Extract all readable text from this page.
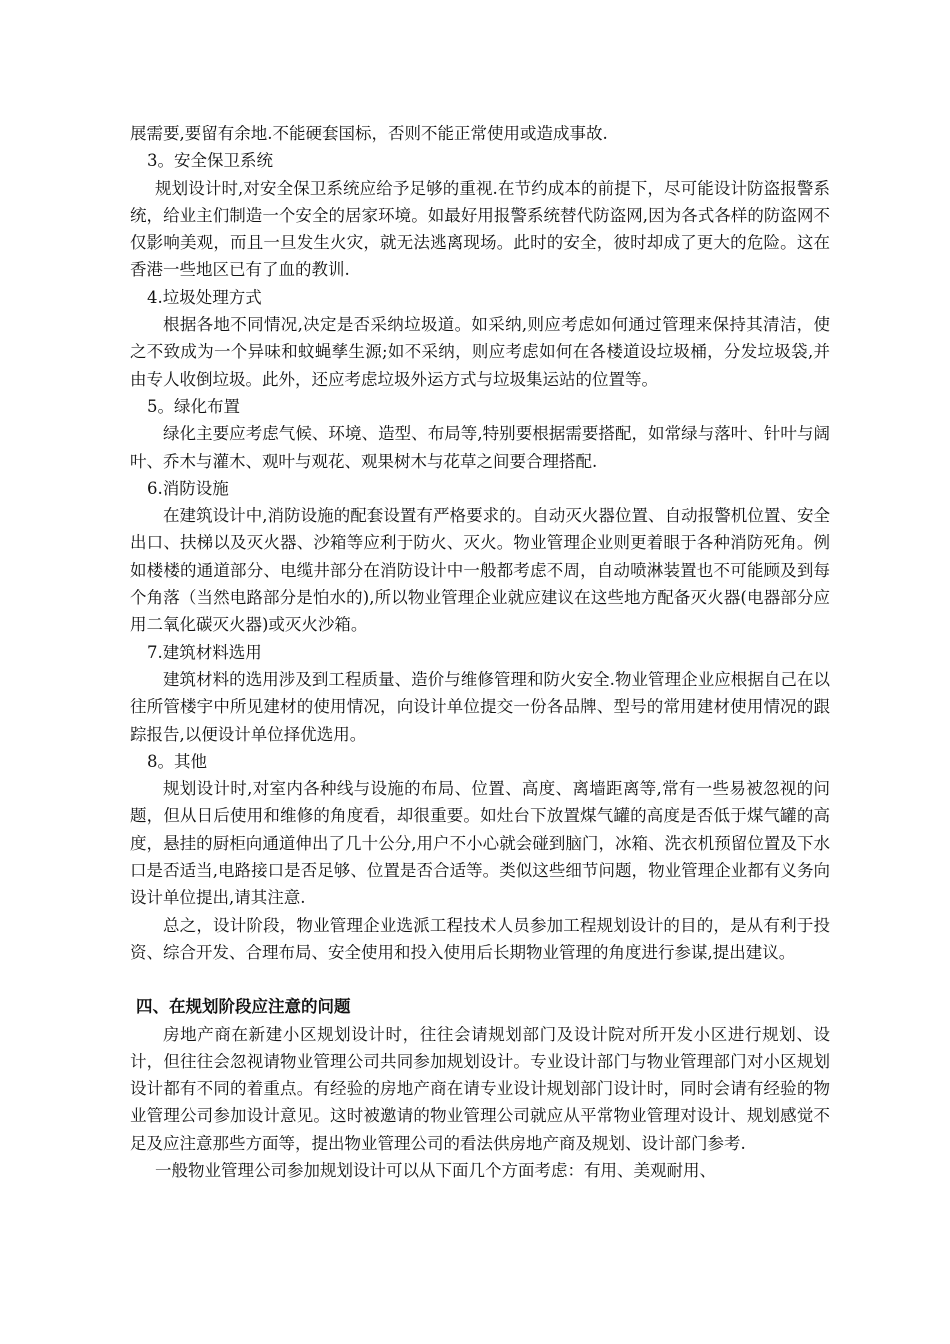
展需要,要留有余地.不能硬套国标，否则不能正常使用或造成事故.

3。安全保卫系统

规划设计时,对安全保卫系统应给予足够的重视.在节约成本的前提下，尽可能设计防盗报警系统，给业主们制造一个安全的居家环境。如最好用报警系统替代防盗网,因为各式各样的防盗网不仅影响美观，而且一旦发生火灾，就无法逃离现场。此时的安全，彼时却成了更大的危险。这在香港一些地区已有了血的教训.

4.垃圾处理方式

根据各地不同情况,决定是否采纳垃圾道。如采纳,则应考虑如何通过管理来保持其清洁，使之不致成为一个异味和蚊蝇孳生源;如不采纳，则应考虑如何在各楼道设垃圾桶，分发垃圾袋,并由专人收倒垃圾。此外，还应考虑垃圾外运方式与垃圾集运站的位置等。

5。绿化布置

绿化主要应考虑气候、环境、造型、布局等,特别要根据需要搭配，如常绿与落叶、针叶与阔叶、乔木与灌木、观叶与观花、观果树木与花草之间要合理搭配.

6.消防设施

在建筑设计中,消防设施的配套设置有严格要求的。自动灭火器位置、自动报警机位置、安全出口、扶梯以及灭火器、沙箱等应利于防火、灭火。物业管理企业则更着眼于各种消防死角。例如楼楼的通道部分、电缆井部分在消防设计中一般都考虑不周，自动喷淋装置也不可能顾及到每个角落（当然电路部分是怕水的),所以物业管理企业就应建议在这些地方配备灭火器(电器部分应用二氧化碳灭火器)或灭火沙箱。

7.建筑材料选用

建筑材料的选用涉及到工程质量、造价与维修管理和防火安全.物业管理企业应根据自己在以往所管楼宇中所见建材的使用情况，向设计单位提交一份各品牌、型号的常用建材使用情况的跟踪报告,以便设计单位择优选用。

8。其他

规划设计时,对室内各种线与设施的布局、位置、高度、离墙距离等,常有一些易被忽视的问题，但从日后使用和维修的角度看，却很重要。如灶台下放置煤气罐的高度是否低于煤气罐的高度，悬挂的厨柜向通道伸出了几十公分,用户不小心就会碰到脑门，冰箱、洗衣机预留位置及下水口是否适当,电路接口是否足够、位置是否合适等。类似这些细节问题，物业管理企业都有义务向设计单位提出,请其注意.

总之，设计阶段，物业管理企业选派工程技术人员参加工程规划设计的目的，是从有利于投资、综合开发、合理布局、安全使用和投入使用后长期物业管理的角度进行参谋,提出建议。

四、在规划阶段应注意的问题

房地产商在新建小区规划设计时，往往会请规划部门及设计院对所开发小区进行规划、设计，但往往会忽视请物业管理公司共同参加规划设计。专业设计部门与物业管理部门对小区规划设计都有不同的着重点。有经验的房地产商在请专业设计规划部门设计时，同时会请有经验的物业管理公司参加设计意见。这时被邀请的物业管理公司就应从平常物业管理对设计、规划感觉不足及应注意那些方面等，提出物业管理公司的看法供房地产商及规划、设计部门参考.

一般物业管理公司参加规划设计可以从下面几个方面考虑：有用、美观耐用、
